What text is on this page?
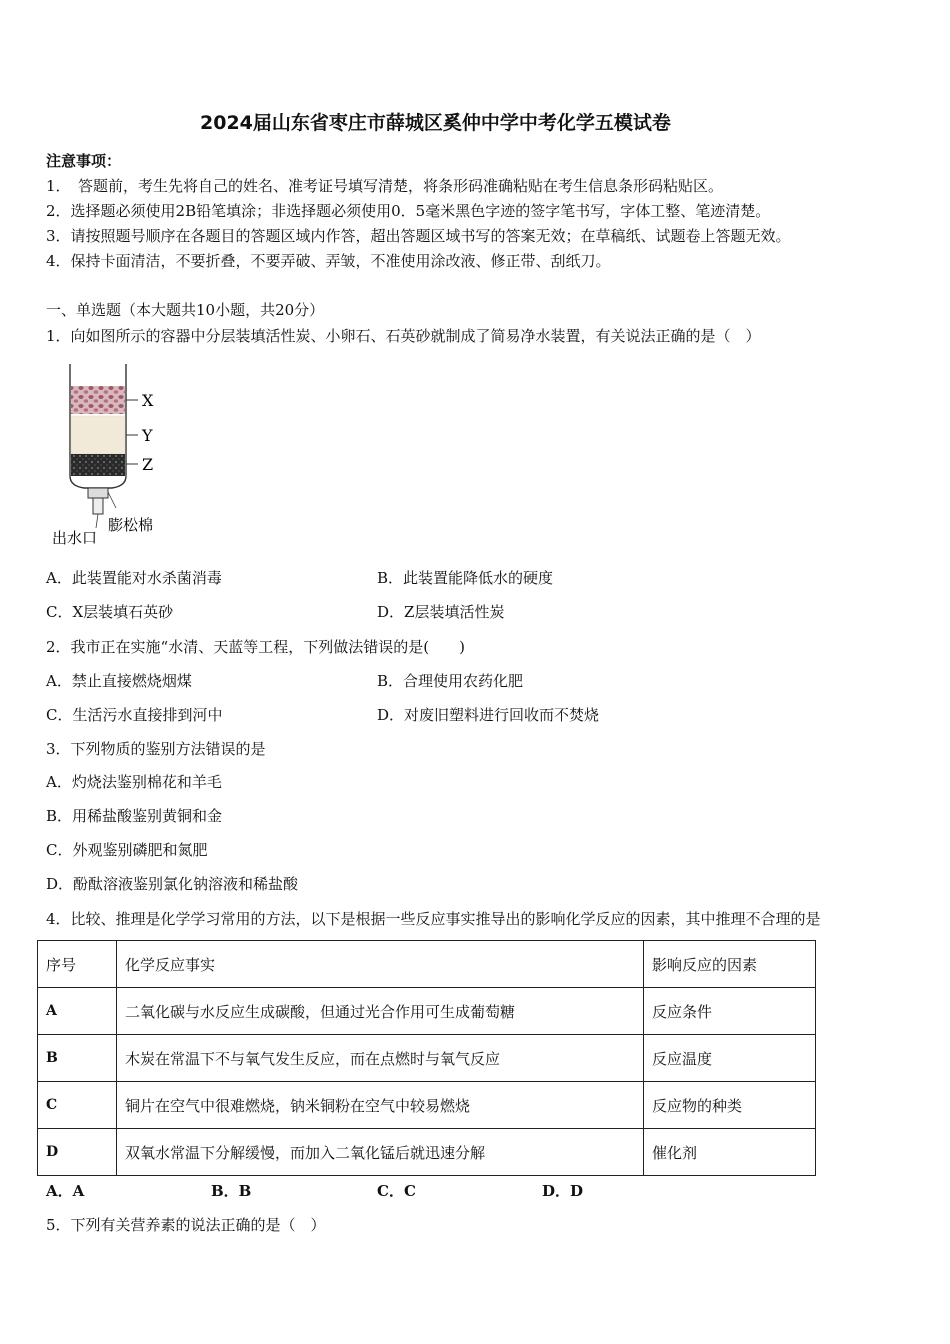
2024届山东省枣庄市薛城区奚仲中学中考化学五模试卷
注意事项：
1．　答题前，考生先将自己的姓名、准考证号填写清楚，将条形码准确粘贴在考生信息条形码粘贴区。
2．选择题必须使用2B铅笔填涂；非选择题必须使用0．5毫米黑色字迹的签字笔书写，字体工整、笔迹清楚。
3．请按照题号顺序在各题目的答题区域内作答，超出答题区域书写的答案无效；在草稿纸、试题卷上答题无效。
4．保持卡面清洁，不要折叠，不要弄破、弄皱，不准使用涂改液、修正带、刮纸刀。
一、单选题（本大题共10小题，共20分）
1．向如图所示的容器中分层装填活性炭、小卵石、石英砂就制成了简易净水装置，有关说法正确的是（　）
X
Y
Z
膨松棉
出水口
A．此装置能对水杀菌消毒	B．此装置能降低水的硬度
C．X层装填石英砂	D．Z层装填活性炭
2．我市正在实施“水清、天蓝等工程，下列做法错误的是(　　)
A．禁止直接燃烧烟煤	B．合理使用农药化肥
C．生活污水直接排到河中	D．对废旧塑料进行回收而不焚烧
3．下列物质的鉴别方法错误的是
A．灼烧法鉴别棉花和羊毛
B．用稀盐酸鉴别黄铜和金
C．外观鉴别磷肥和氮肥
D．酚酞溶液鉴别氯化钠溶液和稀盐酸
4．比较、推理是化学学习常用的方法，以下是根据一些反应事实推导出的影响化学反应的因素，其中推理不合理的是
序号	化学反应事实	影响反应的因素
A	二氧化碳与水反应生成碳酸，但通过光合作用可生成葡萄糖	反应条件
B	木炭在常温下不与氧气发生反应，而在点燃时与氧气反应	反应温度
C	铜片在空气中很难燃烧，钠米铜粉在空气中较易燃烧	反应物的种类
D	双氧水常温下分解缓慢，而加入二氧化锰后就迅速分解	催化剂
A．A	B．B	C．C	D．D
5．下列有关营养素的说法正确的是（　）
